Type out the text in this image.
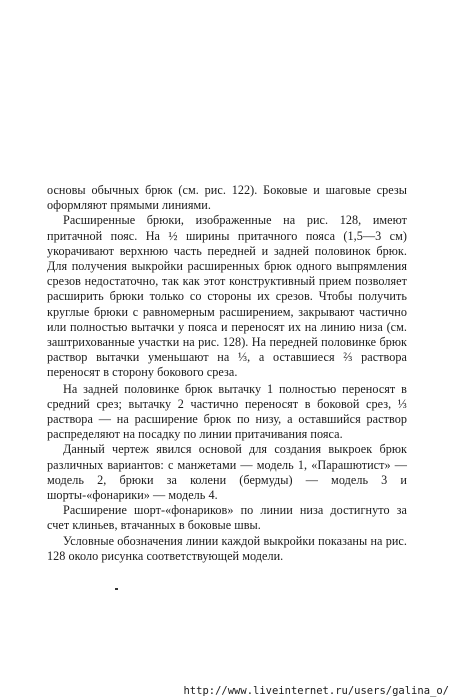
основы обычных брюк (см. рис. 122). Боковые и шаговые срезы оформляют прямыми линиями.

Расширенные брюки, изображенные на рис. 128, имеют притачной пояс. На ½ ширины притачного пояса (1,5—3 см) укорачивают верхнюю часть передней и задней половинок брюк. Для получения выкройки расширенных брюк одного выпрямления срезов недостаточно, так как этот конструктивный прием позволяет расширить брюки только со стороны их срезов. Чтобы получить круглые брюки с равномерным расширением, закрывают частично или полностью вытачки у пояса и переносят их на линию низа (см. заштрихованные участки на рис. 128). На передней половинке брюк раствор вытачки уменьшают на ⅓, а оставшиеся ⅔ раствора переносят в сторону бокового среза.

На задней половинке брюк вытачку 1 полностью переносят в средний срез; вытачку 2 частично переносят в боковой срез, ⅓ раствора — на расширение брюк по низу, а оставшийся раствор распределяют на посадку по линии притачивания пояса.

Данный чертеж явился основой для создания выкроек брюк различных вариантов: с манжетами — модель 1, «Парашютист» — модель 2, брюки за колени (бермуды) — модель 3 и шорты-«фонарики» — модель 4.

Расширение шорт-«фонариков» по линии низа достигнуто за счет клиньев, втачанных в боковые швы.

Условные обозначения линии каждой выкройки показаны на рис. 128 около рисунка соответствующей модели.

http://www.liveinternet.ru/users/galina_o/
